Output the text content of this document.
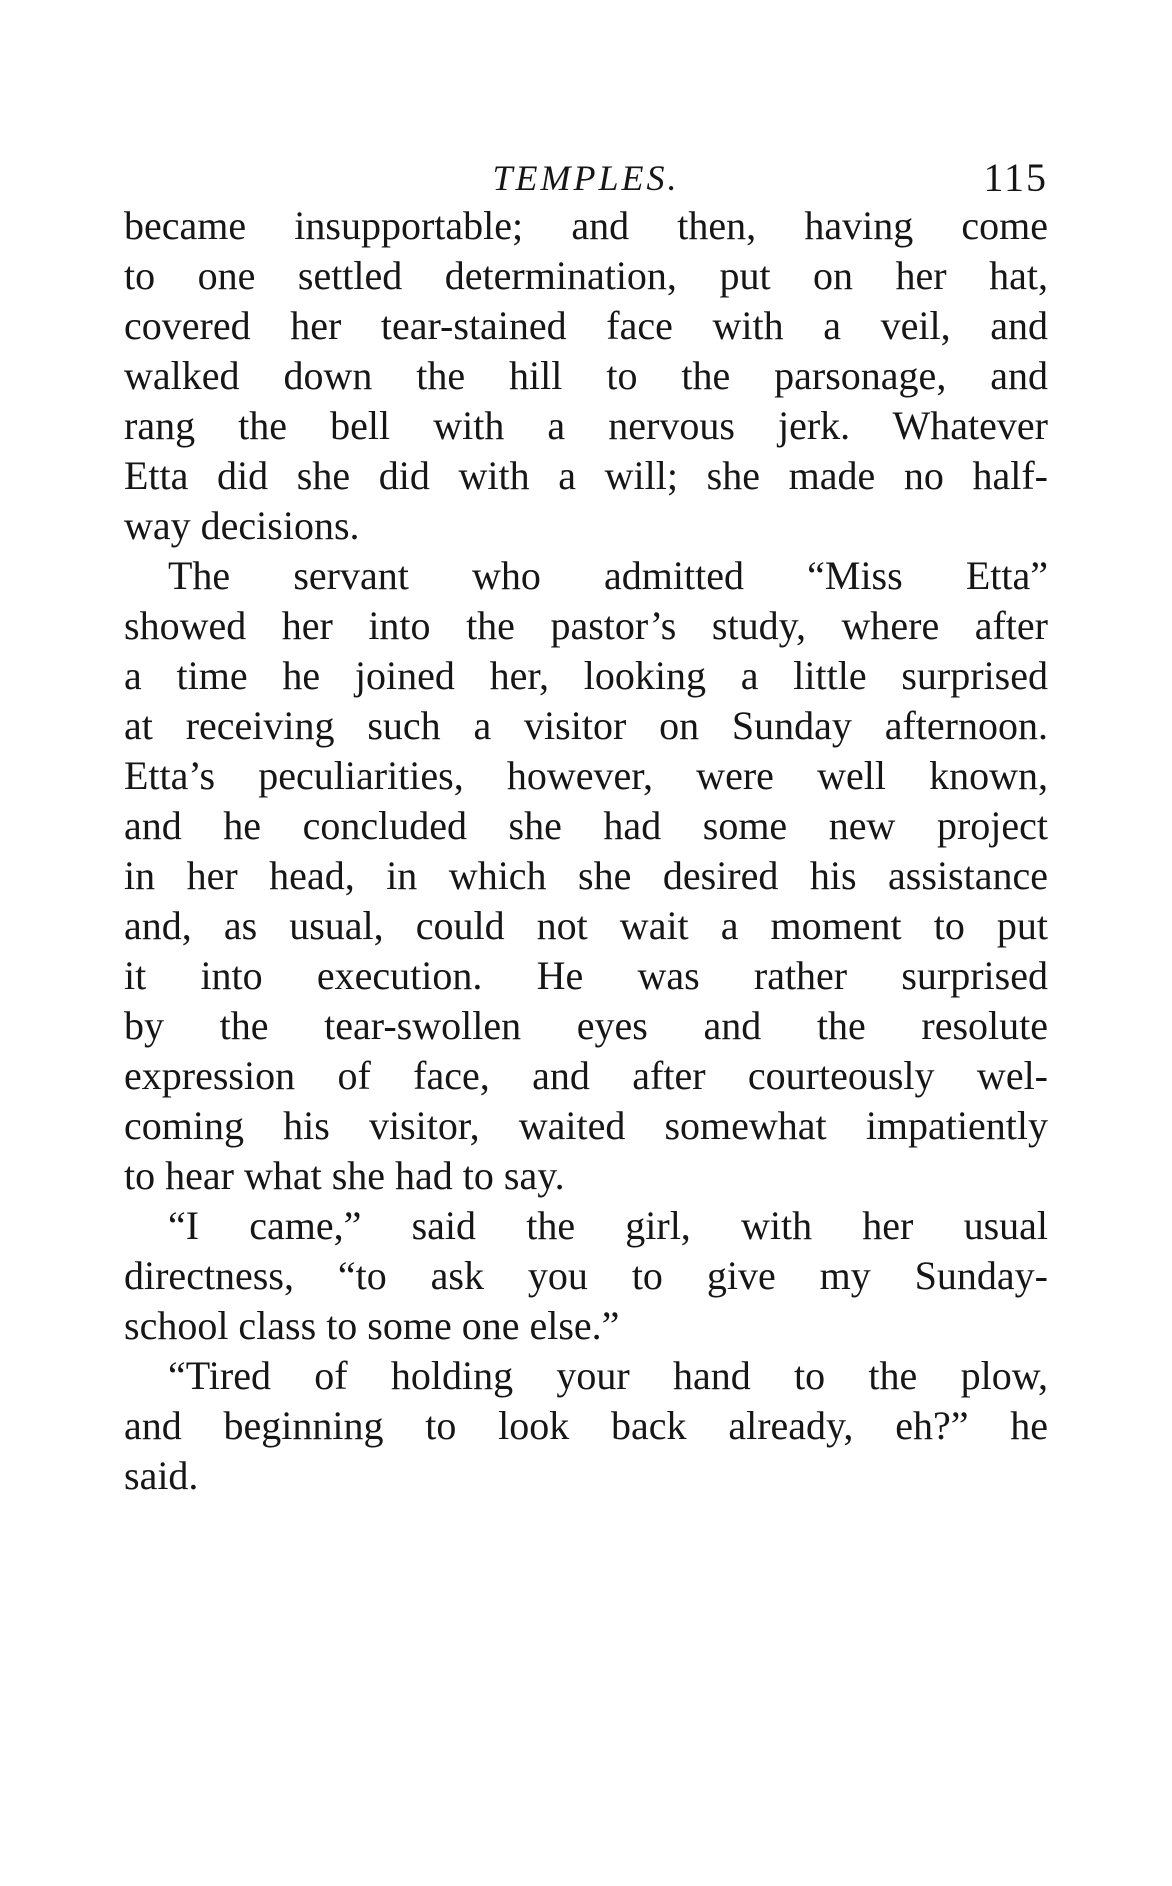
TEMPLES.	115
became insupportable; and then, having come
to one settled determination, put on her hat,
covered her tear-stained face with a veil, and
walked down the hill to the parsonage, and
rang the bell with a nervous jerk. Whatever
Etta did she did with a will; she made no half-
way decisions.
The servant who admitted “Miss Etta”
showed her into the pastor’s study, where after
a time he joined her, looking a little surprised
at receiving such a visitor on Sunday afternoon.
Etta’s peculiarities, however, were well known,
and he concluded she had some new project
in her head, in which she desired his assistance
and, as usual, could not wait a moment to put
it into execution. He was rather surprised
by the tear-swollen eyes and the resolute
expression of face, and after courteously wel-
coming his visitor, waited somewhat impatiently
to hear what she had to say.
“I came,” said the girl, with her usual
directness, “to ask you to give my Sunday-
school class to some one else.”
“Tired of holding your hand to the plow,
and beginning to look back already, eh?” he
said.
